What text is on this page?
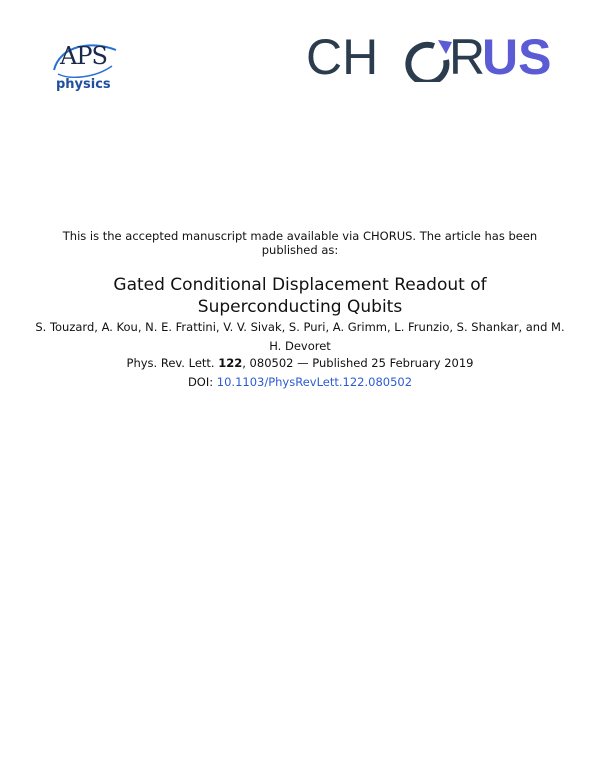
APS
physics	CH R
US
This is the accepted manuscript made available via CHORUS. The article has been published as:
Gated Conditional Displacement Readout of Superconducting Qubits
S. Touzard, A. Kou, N. E. Frattini, V. V. Sivak, S. Puri, A. Grimm, L. Frunzio, S. Shankar, and M. H. Devoret
Phys. Rev. Lett. 122, 080502 — Published 25 February 2019
DOI: 10.1103/PhysRevLett.122.080502
